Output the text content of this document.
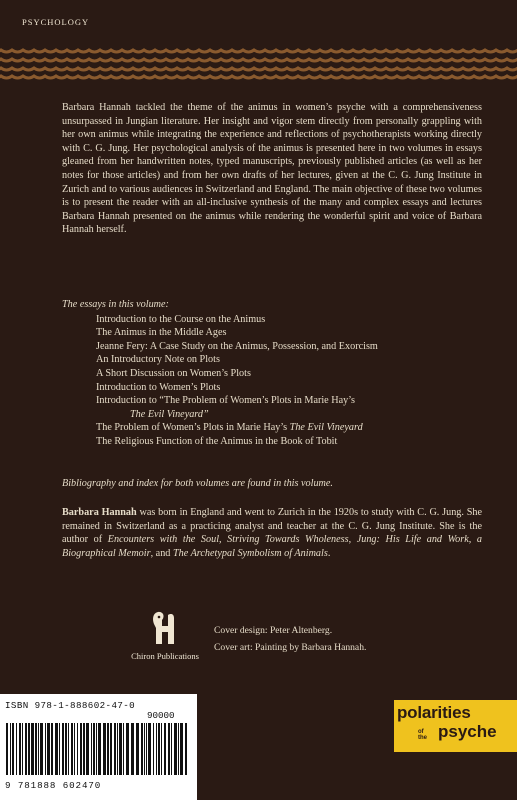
PSYCHOLOGY
Barbara Hannah tackled the theme of the animus in women’s psyche with a comprehensiveness unsurpassed in Jungian literature. Her insight and vigor stem directly from personally grappling with her own animus while integrating the experience and reflections of psychotherapists working directly with C. G. Jung. Her psychological analysis of the animus is presented here in two volumes in essays gleaned from her handwritten notes, typed manuscripts, previously published articles (as well as her notes for those articles) and from her own drafts of her lectures, given at the C. G. Jung Institute in Zurich and to various audiences in Switzerland and England. The main objective of these two volumes is to present the reader with an all-inclusive synthesis of the many and complex essays and lectures Barbara Hannah presented on the animus while rendering the wonderful spirit and voice of Barbara Hannah herself.
The essays in this volume:
Introduction to the Course on the Animus
The Animus in the Middle Ages
Jeanne Fery: A Case Study on the Animus, Possession, and Exorcism
An Introductory Note on Plots
A Short Discussion on Women’s Plots
Introduction to Women’s Plots
Introduction to “The Problem of Women’s Plots in Marie Hay’s
The Evil Vineyard”
The Problem of Women’s Plots in Marie Hay’s The Evil Vineyard
The Religious Function of the Animus in the Book of Tobit
Bibliography and index for both volumes are found in this volume.
Barbara Hannah was born in England and went to Zurich in the 1920s to study with C. G. Jung. She remained in Switzerland as a practicing analyst and teacher at the C. G. Jung Institute. She is the author of Encounters with the Soul, Striving Towards Wholeness, Jung: His Life and Work, a Biographical Memoir, and The Archetypal Symbolism of Animals.
Chiron Publications
Cover design: Peter Altenberg.
Cover art: Painting by Barbara Hannah.
ISBN 978-1-888602-47-0
90000
9 781888 602470
polarities
of
the psyche
